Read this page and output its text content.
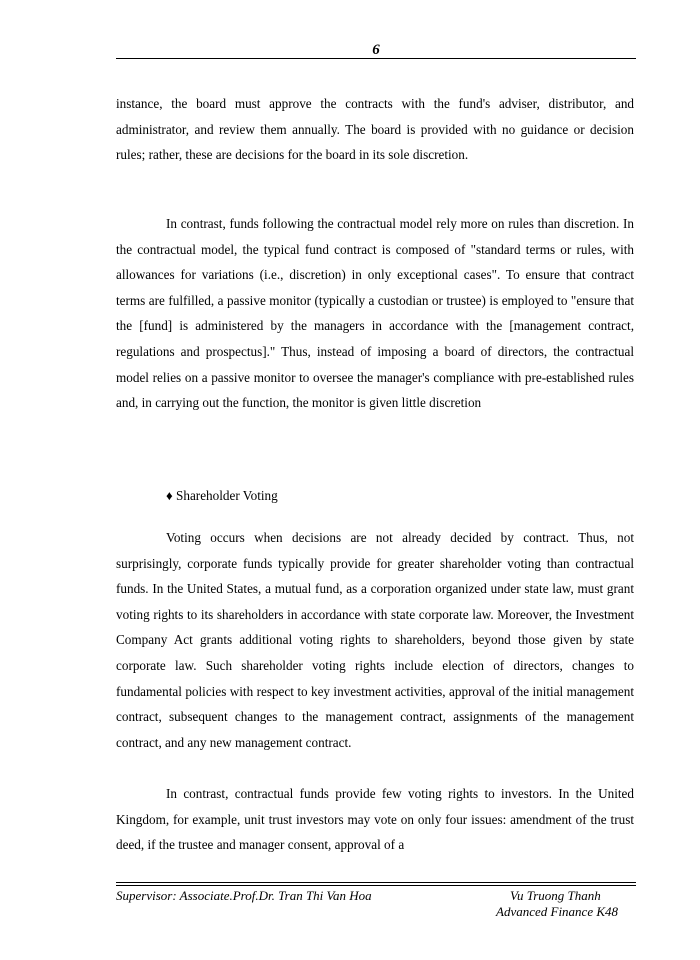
6

instance, the board must approve the contracts with the fund's adviser, distributor, and administrator, and review them annually. The board is provided with no guidance or decision rules; rather, these are decisions for the board in its sole discretion.

In contrast, funds following the contractual model rely more on rules than discretion. In the contractual model, the typical fund contract is composed of "standard terms or rules, with allowances for variations (i.e., discretion) in only exceptional cases". To ensure that contract terms are fulfilled, a passive monitor (typically a custodian or trustee) is employed to "ensure that the [fund] is administered by the managers in accordance with the [management contract, regulations and prospectus]." Thus, instead of imposing a board of directors, the contractual model relies on a passive monitor to oversee the manager's compliance with pre-established rules and, in carrying out the function, the monitor is given little discretion

♦ Shareholder Voting

Voting occurs when decisions are not already decided by contract. Thus, not surprisingly, corporate funds typically provide for greater shareholder voting than contractual funds. In the United States, a mutual fund, as a corporation organized under state law, must grant voting rights to its shareholders in accordance with state corporate law. Moreover, the Investment Company Act grants additional voting rights to shareholders, beyond those given by state corporate law. Such shareholder voting rights include election of directors, changes to fundamental policies with respect to key investment activities, approval of the initial management contract, subsequent changes to the management contract, assignments of the management contract, and any new management contract.

In contrast, contractual funds provide few voting rights to investors. In the United Kingdom, for example, unit trust investors may vote on only four issues: amendment of the trust deed, if the trustee and manager consent, approval of a

Supervisor: Associate.Prof.Dr. Tran Thi Van Hoa	Vu Truong Thanh
Advanced Finance K48
